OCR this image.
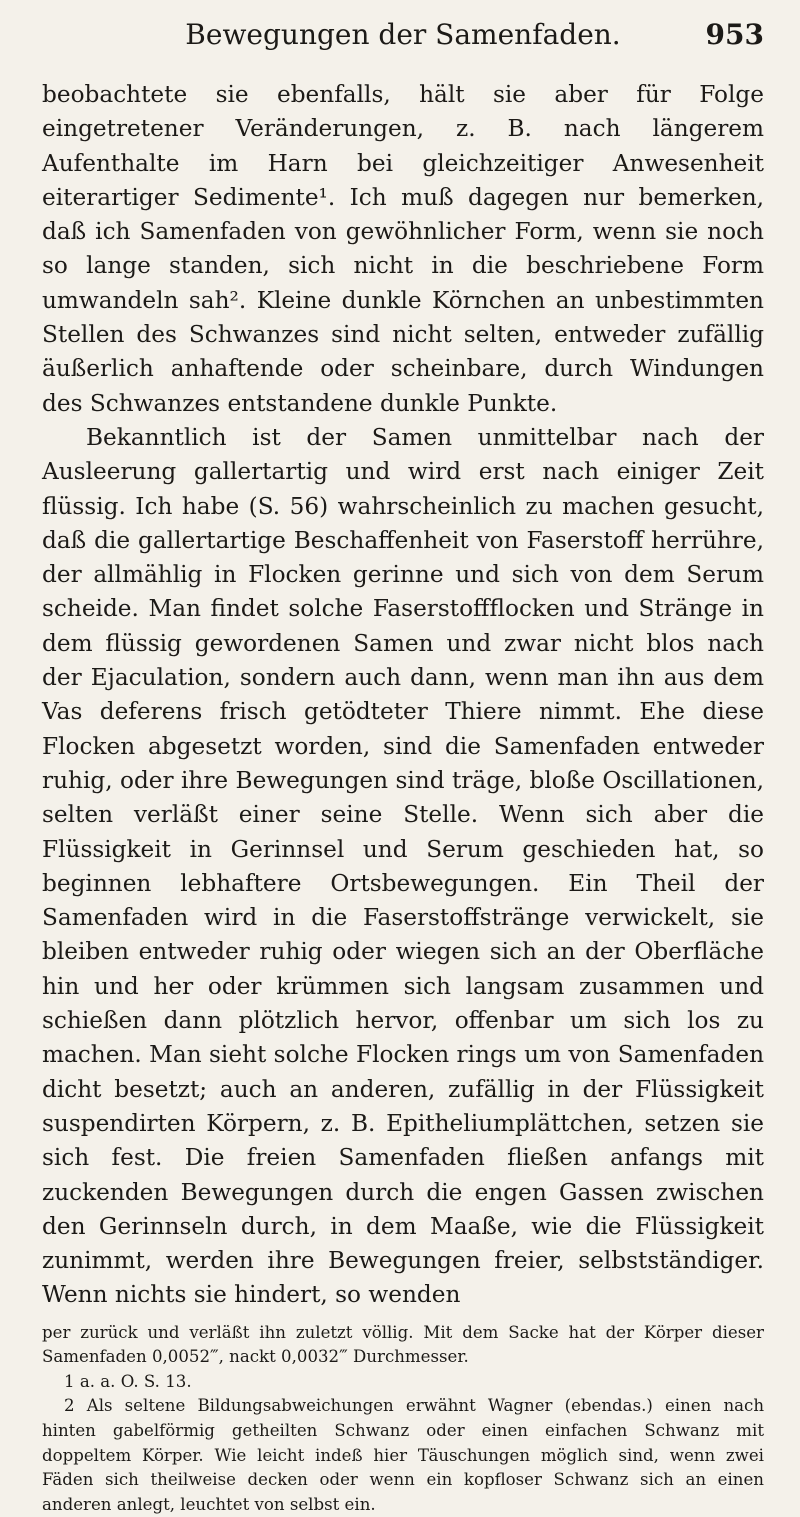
Bewegungen der Samenfaden.	953

beobachtete sie ebenfalls, hält sie aber für Folge eingetretener Veränderungen, z. B. nach längerem Aufenthalte im Harn bei gleichzeitiger Anwesenheit eiterartiger Sedimente¹. Ich muß dagegen nur bemerken, daß ich Samenfaden von gewöhnlicher Form, wenn sie noch so lange standen, sich nicht in die beschriebene Form umwandeln sah². Kleine dunkle Körnchen an unbestimmten Stellen des Schwanzes sind nicht selten, entweder zufällig äußerlich anhaftende oder scheinbare, durch Windungen des Schwanzes entstandene dunkle Punkte.

Bekanntlich ist der Samen unmittelbar nach der Ausleerung gallertartig und wird erst nach einiger Zeit flüssig. Ich habe (S. 56) wahrscheinlich zu machen gesucht, daß die gallertartige Beschaffenheit von Faserstoff herrühre, der allmählig in Flocken gerinne und sich von dem Serum scheide. Man findet solche Faserstoffflocken und Stränge in dem flüssig gewordenen Samen und zwar nicht blos nach der Ejaculation, sondern auch dann, wenn man ihn aus dem Vas deferens frisch getödteter Thiere nimmt. Ehe diese Flocken abgesetzt worden, sind die Samenfaden entweder ruhig, oder ihre Bewegungen sind träge, bloße Oscillationen, selten verläßt einer seine Stelle. Wenn sich aber die Flüssigkeit in Gerinnsel und Serum geschieden hat, so beginnen lebhaftere Ortsbewegungen. Ein Theil der Samenfaden wird in die Faserstoffstränge verwickelt, sie bleiben entweder ruhig oder wiegen sich an der Oberfläche hin und her oder krümmen sich langsam zusammen und schießen dann plötzlich hervor, offenbar um sich los zu machen. Man sieht solche Flocken rings um von Samenfaden dicht besetzt; auch an anderen, zufällig in der Flüssigkeit suspendirten Körpern, z. B. Epitheliumplättchen, setzen sie sich fest. Die freien Samenfaden fließen anfangs mit zuckenden Bewegungen durch die engen Gassen zwischen den Gerinnseln durch, in dem Maaße, wie die Flüssigkeit zunimmt, werden ihre Bewegungen freier, selbstständiger. Wenn nichts sie hindert, so wenden

per zurück und verläßt ihn zuletzt völlig. Mit dem Sacke hat der Körper dieser Samenfaden 0,0052‴, nackt 0,0032‴ Durchmesser.

1 a. a. O. S. 13.

2 Als seltene Bildungsabweichungen erwähnt Wagner (ebendas.) einen nach hinten gabelförmig getheilten Schwanz oder einen einfachen Schwanz mit doppeltem Körper. Wie leicht indeß hier Täuschungen möglich sind, wenn zwei Fäden sich theilweise decken oder wenn ein kopfloser Schwanz sich an einen anderen anlegt, leuchtet von selbst ein.
